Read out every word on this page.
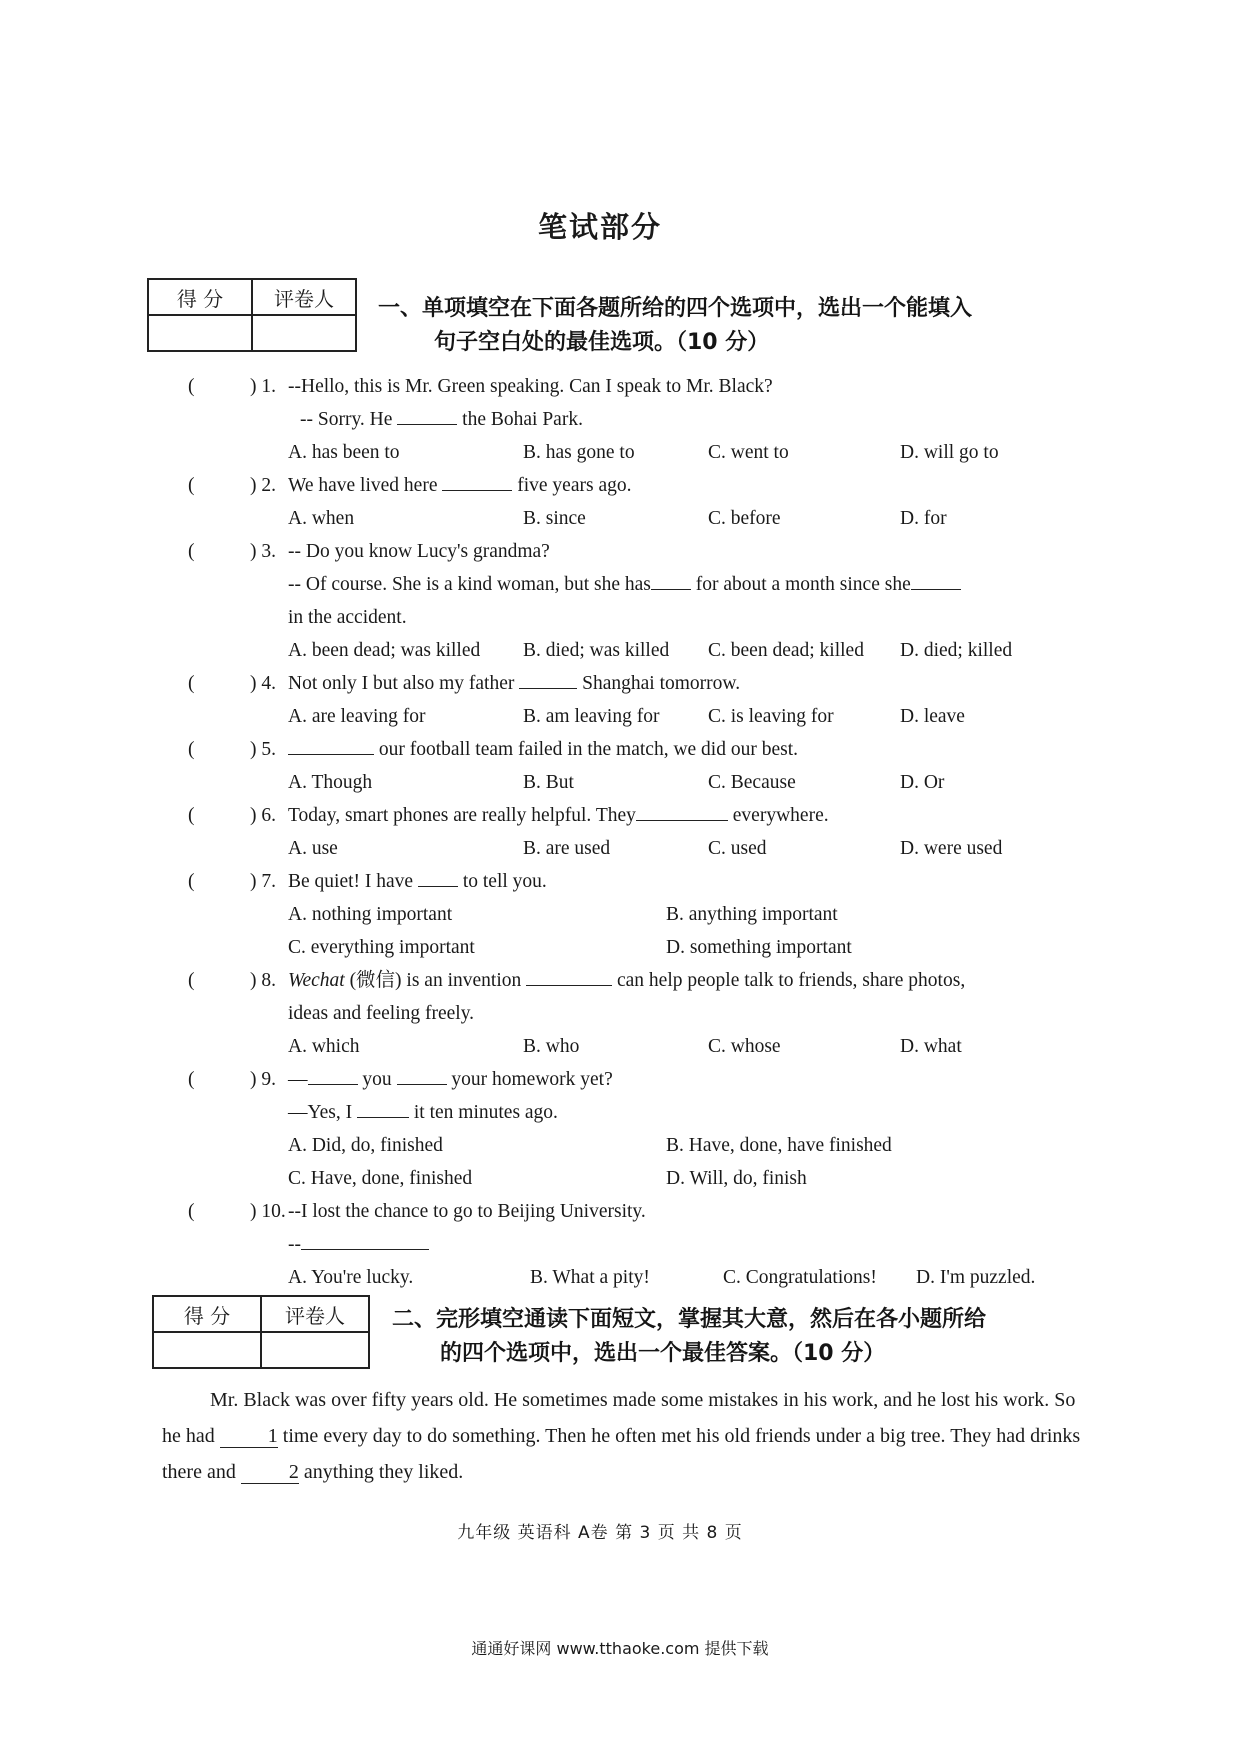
笔试部分
得 分	评卷人
	一、单项填空在下面各题所给的四个选项中，选出一个能填入
句子空白处的最佳选项。（10 分）
(	) 1. --Hello, this is Mr. Green speaking. Can I speak to Mr. Black?
-- Sorry. He	the Bohai Park.
A. has been to	B. has gone to	C. went to	D. will go to
(	) 2. We have lived here	five years ago.
A. when	B. since	C. before	D. for
(	) 3. -- Do you know Lucy's grandma?
-- Of course. She is a kind woman, but she has for about a month since she
in the accident.
A. been dead; was killed B. died; was killed C. been dead; killed D. died; killed
(	) 4. Not only I but also my father	Shanghai tomorrow.
A. are leaving for	B. am leaving for C. is leaving for	D. leave
(	) 5.	our football team failed in the match, we did our best.
A. Though	B. But	C. Because	D. Or
(	) 6. Today, smart phones are really helpful. They	everywhere.
A. use	B. are used	C. used	D. were used
(	) 7. Be quiet! I have  to tell you.
A. nothing important	B. anything important
C. everything important	D. something important
(	) 8. Wechat (微信) is an invention	can help people talk to friends, share photos,
ideas and feeling freely.
A. which	B. who	C. whose	D. what
(	) 9. —	you	your homework yet?
—Yes, I	it ten minutes ago.
A. Did, do, finished	B. Have, done, have finished
C. Have, done, finished	D. Will, do, finish
(	) 10. --I lost the chance to go to Beijing University.
--
A. You're lucky.	B. What a pity!	C. Congratulations! D. I'm puzzled.
得 分	评卷人
	二、完形填空通读下面短文，掌握其大意，然后在各小题所给
的四个选项中，选出一个最佳答案。（10 分）
Mr. Black was over fifty years old. He sometimes made some mistakes in his work, and he lost his work. So he had 1 time every day to do something. Then he often met his old friends under a big tree. They had drinks there and 2 anything they liked.
九年级 英语科 A卷 第 3 页 共 8 页
通通好课网 www.tthaoke.com 提供下载
